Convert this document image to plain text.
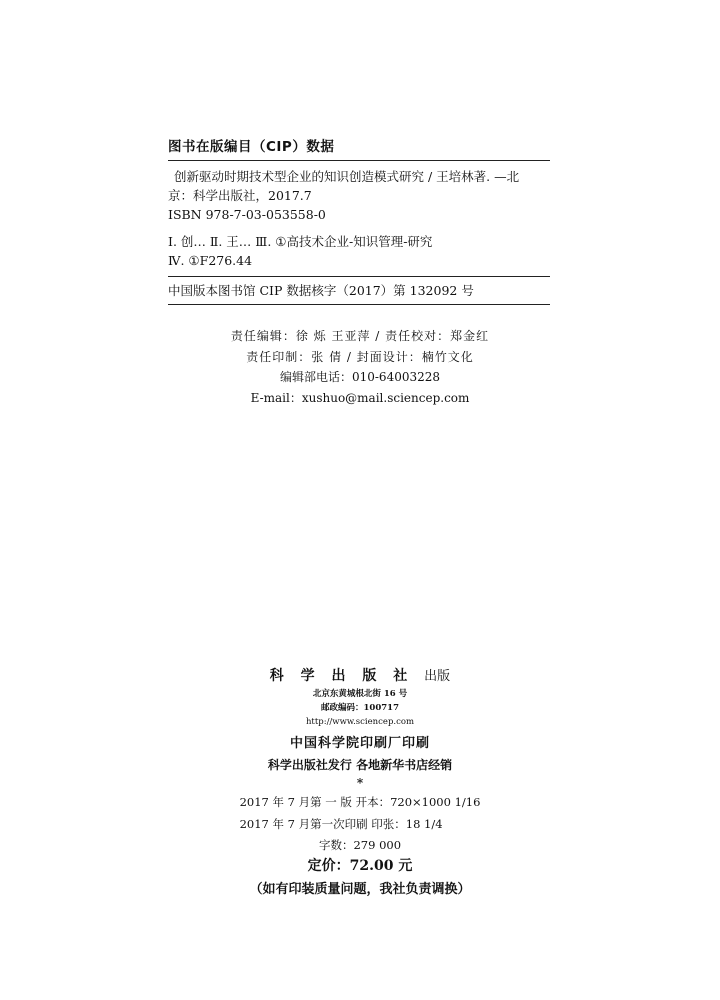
图书在版编目（CIP）数据
创新驱动时期技术型企业的知识创造模式研究 / 王培林著. —北
京：科学出版社，2017.7
ISBN 978-7-03-053558-0
Ⅰ. 创… Ⅱ. 王… Ⅲ. ①高技术企业-知识管理-研究
Ⅳ. ①F276.44
中国版本图书馆 CIP 数据核字（2017）第 132092 号
责任编辑：徐 烁 王亚萍 / 责任校对：郑金红
责任印制：张 倩 / 封面设计：楠竹文化
编辑部电话：010-64003228
E-mail：xushuo@mail.sciencep.com
科 学 出 版 社 出版
北京东黄城根北街 16 号
邮政编码：100717
http://www.sciencep.com
中国科学院印刷厂印刷
科学出版社发行 各地新华书店经销
*
2017 年 7 月第 一 版 开本：720×1000 1/16
2017 年 7 月第一次印刷 印张：18 1/4
字数：279 000
定价：72.00 元
（如有印装质量问题，我社负责调换）
